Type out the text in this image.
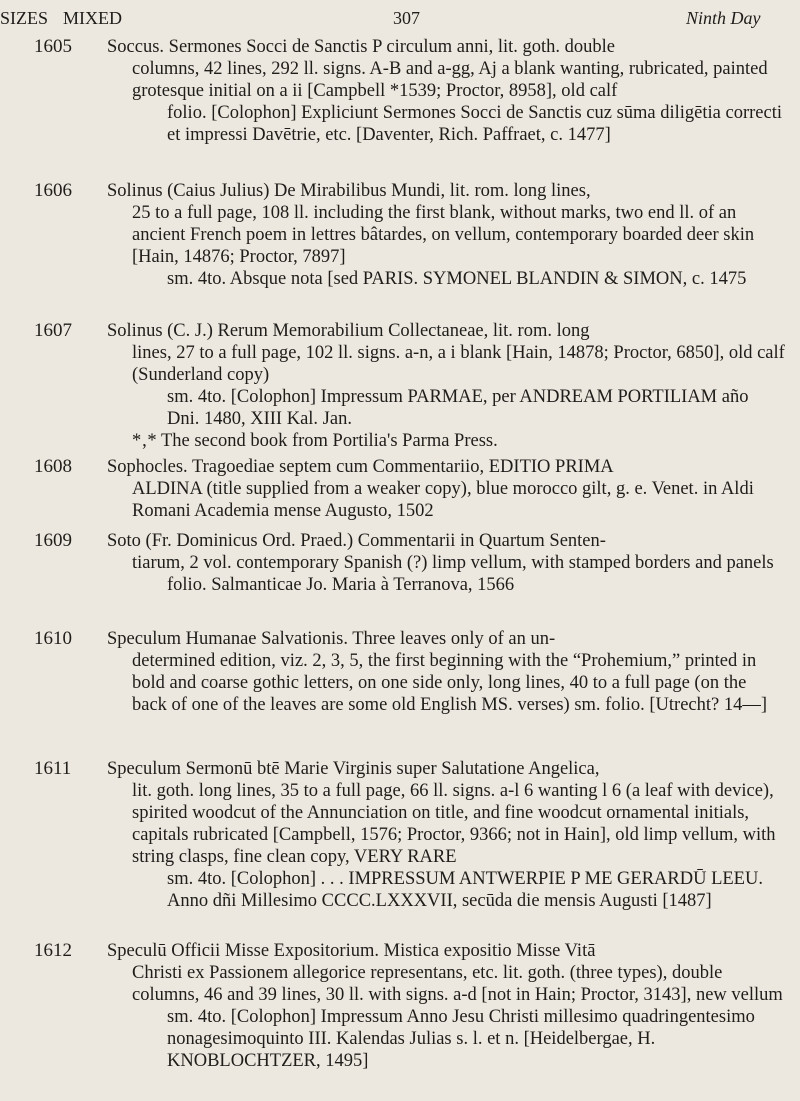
SIZES MIXED	307	Ninth Day
1605 Soccus. Sermones Socci de Sanctis P circulum anni, lit. goth. double
columns, 42 lines, 292 ll. signs. A-B and a-gg, Aj a blank wanting, rubricated, painted grotesque initial on a ii [Campbell *1539; Proctor, 8958], old calf
folio. [Colophon] Expliciunt Sermones Socci de Sanctis cuz sūma diligētia correcti et impressi Davētrie, etc. [Daventer, Rich. Paffraet, c. 1477]
1606 Solinus (Caius Julius) De Mirabilibus Mundi, lit. rom. long lines,
25 to a full page, 108 ll. including the first blank, without marks, two end ll. of an ancient French poem in lettres bâtardes, on vellum, contemporary boarded deer skin [Hain, 14876; Proctor, 7897]
sm. 4to. Absque nota [sed PARIS. SYMONEL BLANDIN & SIMON, c. 1475
1607 Solinus (C. J.) Rerum Memorabilium Collectaneae, lit. rom. long
lines, 27 to a full page, 102 ll. signs. a-n, a i blank [Hain, 14878; Proctor, 6850], old calf (Sunderland copy)
sm. 4to. [Colophon] Impressum PARMAE, per ANDREAM PORTILIAM año Dni. 1480, XIII Kal. Jan.
*‚* The second book from Portilia's Parma Press.
1608 Sophocles. Tragoediae septem cum Commentariio, EDITIO PRIMA
ALDINA (title supplied from a weaker copy), blue morocco gilt, g. e. Venet. in Aldi Romani Academia mense Augusto, 1502
1609 Soto (Fr. Dominicus Ord. Praed.) Commentarii in Quartum Senten-
tiarum, 2 vol. contemporary Spanish (?) limp vellum, with stamped borders and panels
folio. Salmanticae Jo. Maria à Terranova, 1566
1610 Speculum Humanae Salvationis. Three leaves only of an un-
determined edition, viz. 2, 3, 5, the first beginning with the “Prohemium,” printed in bold and coarse gothic letters, on one side only, long lines, 40 to a full page (on the back of one of the leaves are some old English MS. verses) sm. folio. [Utrecht? 14—]
1611 Speculum Sermonū btē Marie Virginis super Salutatione Angelica,
lit. goth. long lines, 35 to a full page, 66 ll. signs. a-l 6 wanting l 6 (a leaf with device), spirited woodcut of the Annunciation on title, and fine woodcut ornamental initials, capitals rubricated [Campbell, 1576; Proctor, 9366; not in Hain], old limp vellum, with string clasps, fine clean copy, VERY RARE
sm. 4to. [Colophon] . . . IMPRESSUM ANTWERPIE P ME GERARDŪ LEEU. Anno dñi Millesimo CCCC.LXXXVII, secūda die mensis Augusti [1487]
1612 Speculū Officii Misse Expositorium. Mistica expositio Misse Vitā
Christi ex Passionem allegorice representans, etc. lit. goth. (three types), double columns, 46 and 39 lines, 30 ll. with signs. a-d [not in Hain; Proctor, 3143], new vellum
sm. 4to. [Colophon] Impressum Anno Jesu Christi millesimo quadringentesimo nonagesimoquinto III. Kalendas Julias s. l. et n. [Heidelbergae, H. KNOBLOCHTZER, 1495]
